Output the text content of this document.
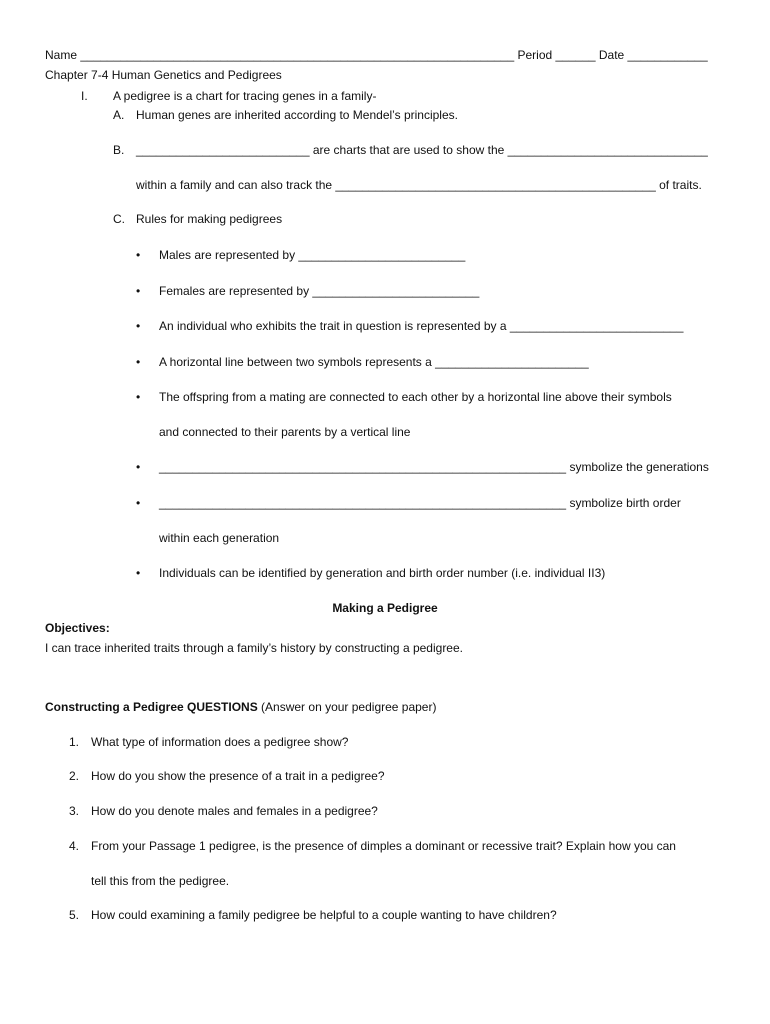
Name _________________________________________________________________ Period ______ Date ____________
Chapter 7-4 Human Genetics and Pedigrees
I. A pedigree is a chart for tracing genes in a family-
A. Human genes are inherited according to Mendel’s principles.
B. __________________________ are charts that are used to show the ______________________________
within a family and can also track the ________________________________________________ of traits.
C. Rules for making pedigrees
• Males are represented by _________________________
• Females are represented by _________________________
• An individual who exhibits the trait in question is represented by a __________________________
• A horizontal line between two symbols represents a _______________________
• The offspring from a mating are connected to each other by a horizontal line above their symbols
and connected to their parents by a vertical line
• _____________________________________________________________ symbolize the generations
• _____________________________________________________________ symbolize birth order
within each generation
• Individuals can be identified by generation and birth order number (i.e. individual II3)
Making a Pedigree
Objectives:
I can trace inherited traits through a family’s history by constructing a pedigree.
Constructing a Pedigree QUESTIONS (Answer on your pedigree paper)
1. What type of information does a pedigree show?
2. How do you show the presence of a trait in a pedigree?
3. How do you denote males and females in a pedigree?
4. From your Passage 1 pedigree, is the presence of dimples a dominant or recessive trait? Explain how you can
tell this from the pedigree.
5. How could examining a family pedigree be helpful to a couple wanting to have children?
